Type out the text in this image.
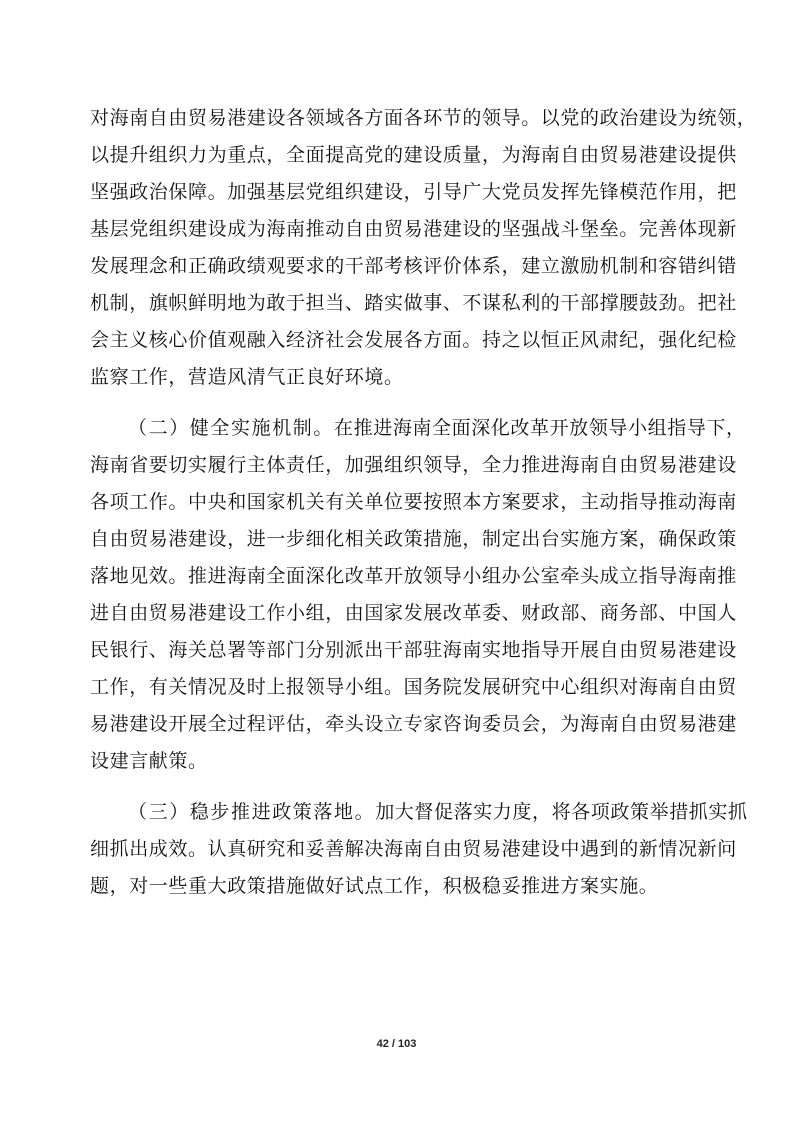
对海南自由贸易港建设各领域各方面各环节的领导。以党的政治建设为统领，
以提升组织力为重点，全面提高党的建设质量，为海南自由贸易港建设提供
坚强政治保障。加强基层党组织建设，引导广大党员发挥先锋模范作用，把
基层党组织建设成为海南推动自由贸易港建设的坚强战斗堡垒。完善体现新
发展理念和正确政绩观要求的干部考核评价体系，建立激励机制和容错纠错
机制，旗帜鲜明地为敢于担当、踏实做事、不谋私利的干部撑腰鼓劲。把社
会主义核心价值观融入经济社会发展各方面。持之以恒正风肃纪，强化纪检
监察工作，营造风清气正良好环境。
（二）健全实施机制。在推进海南全面深化改革开放领导小组指导下，
海南省要切实履行主体责任，加强组织领导，全力推进海南自由贸易港建设
各项工作。中央和国家机关有关单位要按照本方案要求，主动指导推动海南
自由贸易港建设，进一步细化相关政策措施，制定出台实施方案，确保政策
落地见效。推进海南全面深化改革开放领导小组办公室牵头成立指导海南推
进自由贸易港建设工作小组，由国家发展改革委、财政部、商务部、中国人
民银行、海关总署等部门分别派出干部驻海南实地指导开展自由贸易港建设
工作，有关情况及时上报领导小组。国务院发展研究中心组织对海南自由贸
易港建设开展全过程评估，牵头设立专家咨询委员会，为海南自由贸易港建
设建言献策。
（三）稳步推进政策落地。加大督促落实力度，将各项政策举措抓实抓
细抓出成效。认真研究和妥善解决海南自由贸易港建设中遇到的新情况新问
题，对一些重大政策措施做好试点工作，积极稳妥推进方案实施。
42 / 103
